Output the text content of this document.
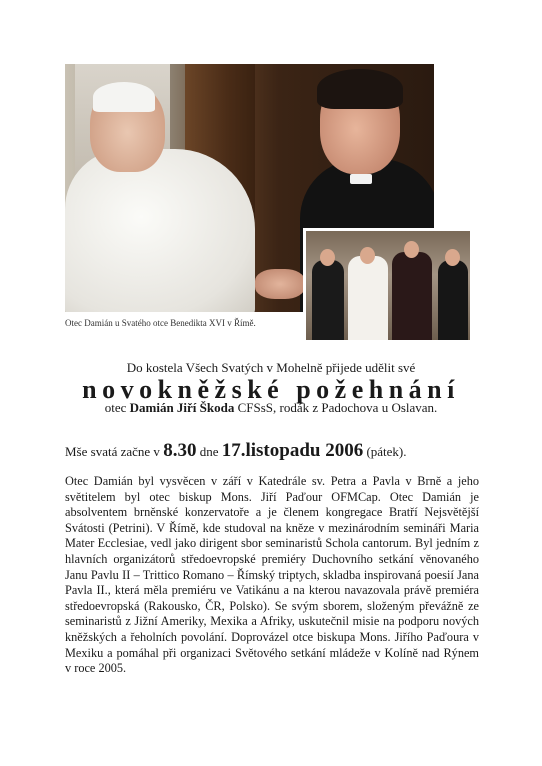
Otec Damián u Svatého otce Benedikta XVI v Římě.
Do kostela Všech Svatých v Mohelně přijede udělit své
novokněžské požehnání
otec Damián Jiří Škoda CFSsS, rodák z Padochova u Oslavan.
Mše svatá začne v 8.30 dne 17.listopadu 2006 (pátek).

Otec Damián byl vysvěcen v září v Katedrále sv. Petra a Pavla v Brně a jeho světitelem byl otec biskup Mons. Jiří Paďour OFMCap. Otec Damián je absolventem brněnské konzervatoře a je členem kongregace Bratří Nejsvětější Svátosti (Petrini). V Římě, kde studoval na kněze v mezinárodním semináři Maria Mater Ecclesiae, vedl jako dirigent sbor seminaristů Schola cantorum. Byl jedním z hlavních organizátorů středoevropské premiéry Duchovního setkání věnovaného Janu Pavlu II – Trittico Romano – Římský triptych, skladba inspirovaná poesií Jana Pavla II., která měla premiéru ve Vatikánu a na kterou navazovala právě premiéra středoevropská (Rakousko, ČR, Polsko). Se svým sborem, složeným převážně ze seminaristů z Jižní Ameriky, Mexika a Afriky, uskutečnil misie na podporu nových kněžských a řeholních povolání. Doprovázel otce biskupa Mons. Jiřího Paďoura v Mexiku a pomáhal při organizaci Světového setkání mládeže v Kolíně nad Rýnem v roce 2005.
